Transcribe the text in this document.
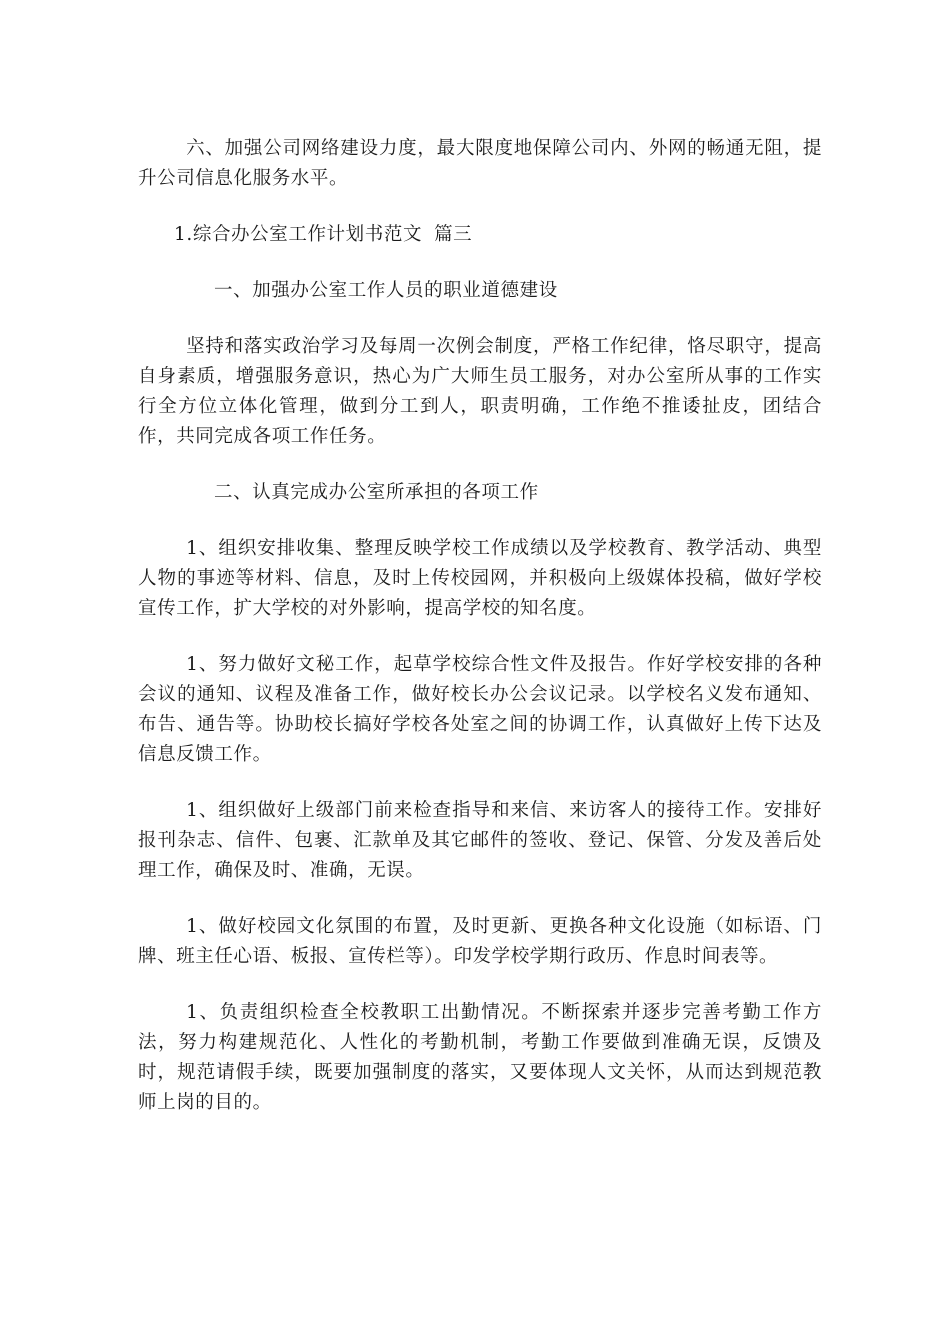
六、加强公司网络建设力度，最大限度地保障公司内、外网的畅通无阻，提升公司信息化服务水平。

1.综合办公室工作计划书范文 篇三
一、加强办公室工作人员的职业道德建设

坚持和落实政治学习及每周一次例会制度，严格工作纪律，恪尽职守，提高自身素质，增强服务意识，热心为广大师生员工服务，对办公室所从事的工作实行全方位立体化管理，做到分工到人，职责明确，工作绝不推诿扯皮，团结合作，共同完成各项工作任务。

二、认真完成办公室所承担的各项工作

1、组织安排收集、整理反映学校工作成绩以及学校教育、教学活动、典型人物的事迹等材料、信息，及时上传校园网，并积极向上级媒体投稿，做好学校宣传工作，扩大学校的对外影响，提高学校的知名度。

1、努力做好文秘工作，起草学校综合性文件及报告。作好学校安排的各种会议的通知、议程及准备工作，做好校长办公会议记录。以学校名义发布通知、布告、通告等。协助校长搞好学校各处室之间的协调工作，认真做好上传下达及信息反馈工作。

1、组织做好上级部门前来检查指导和来信、来访客人的接待工作。安排好报刊杂志、信件、包裹、汇款单及其它邮件的签收、登记、保管、分发及善后处理工作，确保及时、准确，无误。

1、做好校园文化氛围的布置，及时更新、更换各种文化设施（如标语、门牌、班主任心语、板报、宣传栏等）。印发学校学期行政历、作息时间表等。

1、负责组织检查全校教职工出勤情况。不断探索并逐步完善考勤工作方法，努力构建规范化、人性化的考勤机制，考勤工作要做到准确无误，反馈及时，规范请假手续，既要加强制度的落实，又要体现人文关怀，从而达到规范教师上岗的目的。
